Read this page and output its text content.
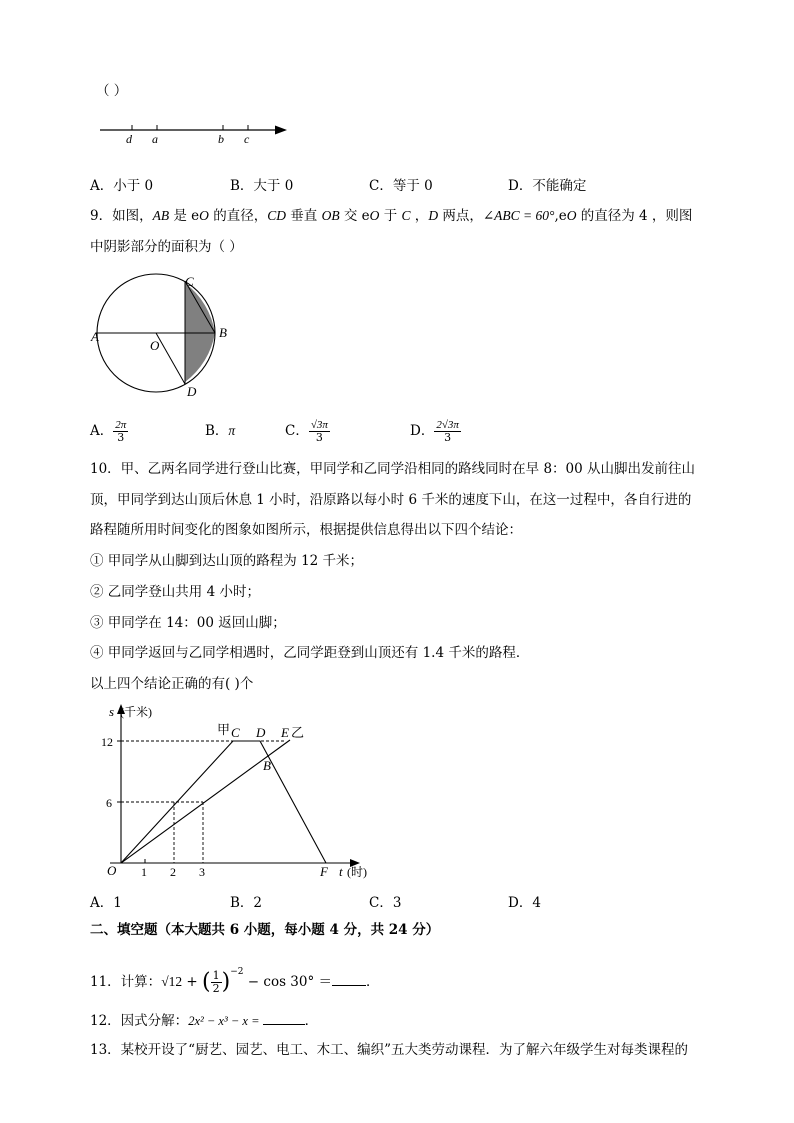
（ ）
d a	b c
A．小于 0	B．大于 0	C．等于 0	D．不能确定
9．如图，AB 是 eO 的直径，CD 垂直 OB 交 eO 于 C ，D 两点，∠ABC = 60°,eO 的直径为 4 ，则图
中阴影部分的面积为（ ）
A	B
C
D
O
A． $\frac{2\pi}{3}$	B．π	C． $\frac{√3\pi}{3}$	D． $\frac{2√3\pi}{3}$
10．甲、乙两名同学进行登山比赛，甲同学和乙同学沿相同的路线同时在早 8：00 从山脚出发前往山
顶，甲同学到达山顶后休息 1 小时，沿原路以每小时 6 千米的速度下山，在这一过程中，各自行进的
路程随所用时间变化的图象如图所示，根据提供信息得出以下四个结论：
① 甲同学从山脚到达山顶的路程为 12 千米；
② 乙同学登山共用 4 小时；
③ 甲同学在 14：00 返回山脚；
④ 甲同学返回与乙同学相遇时，乙同学距登到山顶还有 1.4 千米的路程．
以上四个结论正确的有( )个
s (千米)
12
6
O 1 2 3	F t (时)
甲 C D E 乙
B
A．1	B．2	C．3	D．4
二、填空题（本大题共 6 小题，每小题 4 分，共 24 分）
11．计算：√12 + ( $\frac{1}{2} )^{-2} - \cos 30^\circ$ ＝	．
12．因式分解：2x² − x³ − x =	．
13．某校开设了“厨艺、园艺、电工、木工、编织”五大类劳动课程．为了解六年级学生对每类课程的
